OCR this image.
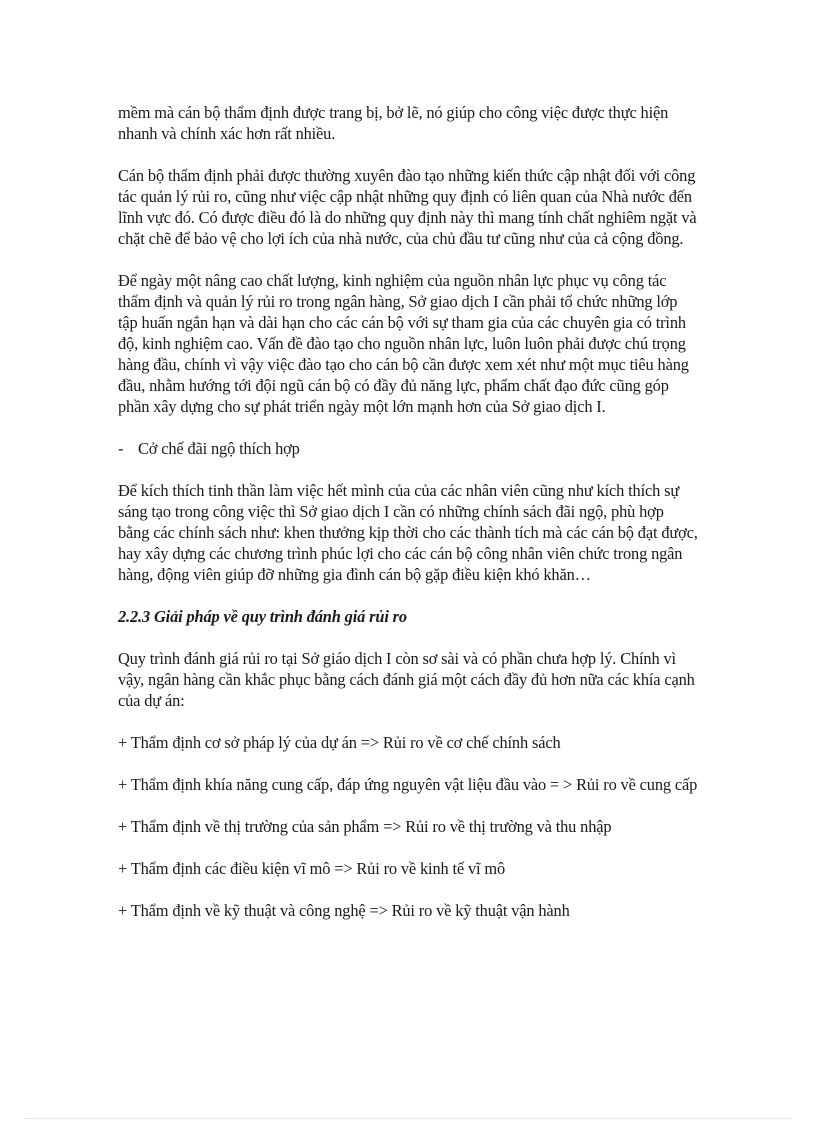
mềm mà cán bộ thẩm định được trang bị, bở lẽ, nó giúp cho công việc được thực hiện nhanh và chính xác hơn rất nhiều.

Cán bộ thẩm định phải được thường xuyên đào tạo những kiến thức cập nhật đối với công tác quản lý rủi ro, cũng như việc cập nhật những quy định có liên quan của Nhà nước đến lĩnh vực đó. Có được điều đó là do những quy định này thì mang tính chất nghiêm ngặt và chặt chẽ để bảo vệ cho lợi ích của nhà nước, của chủ đầu tư cũng như của cả cộng đồng.

Để ngày một nâng cao chất lượng, kinh nghiệm của nguồn nhân lực phục vụ công tác thẩm định và quản lý rủi ro trong ngân hàng, Sở giao dịch I cần phải tổ chức những lớp tập huấn ngắn hạn và dài hạn cho các cán bộ với sự tham gia của các chuyên gia có trình độ, kinh nghiệm cao. Vấn đề đào tạo cho nguồn nhân lực, luôn luôn phải được chú trọng hàng đầu, chính vì vậy việc đào tạo cho cán bộ cần được xem xét như một mục tiêu hàng đầu, nhằm hướng tới đội ngũ cán bộ có đầy đủ năng lực, phẩm chất đạo đức cũng góp phần xây dựng cho sự phát triển ngày một lớn mạnh hơn của Sở giao dịch I.

- Cở chế đãi ngộ thích hợp

Để kích thích tinh thần làm việc hết mình của của các nhân viên cũng như kích thích sự sáng tạo trong công việc thì Sở giao dịch I cần có những chính sách đãi ngộ, phù hợp bằng các chính sách như: khen thưởng kịp thời cho các thành tích mà các cán bộ đạt được, hay xây dựng các chương trình phúc lợi cho các cán bộ công nhân viên chức trong ngân hàng, động viên giúp đỡ những gia đình cán bộ gặp điều kiện khó khăn…

2.2.3 Giải pháp về quy trình đánh giá rủi ro

Quy trình đánh giá rủi ro tại Sở giáo dịch I còn sơ sài và có phần chưa hợp lý. Chính vì vậy, ngân hàng cần khắc phục bằng cách đánh giá một cách đầy đủ hơn nữa các khía cạnh của dự án:

+ Thẩm định cơ sở pháp lý của dự án => Rủi ro về cơ chế chính sách

+ Thẩm định khía năng cung cấp, đáp ứng nguyên vật liệu đầu vào = > Rủi ro về cung cấp

+ Thẩm định về thị trường của sản phẩm => Rủi ro về thị trường và thu nhập

+ Thẩm định các điều kiện vĩ mô => Rủi ro về kinh tế vĩ mô

+ Thẩm định về kỹ thuật và công nghệ => Rủi ro về kỹ thuật vận hành
